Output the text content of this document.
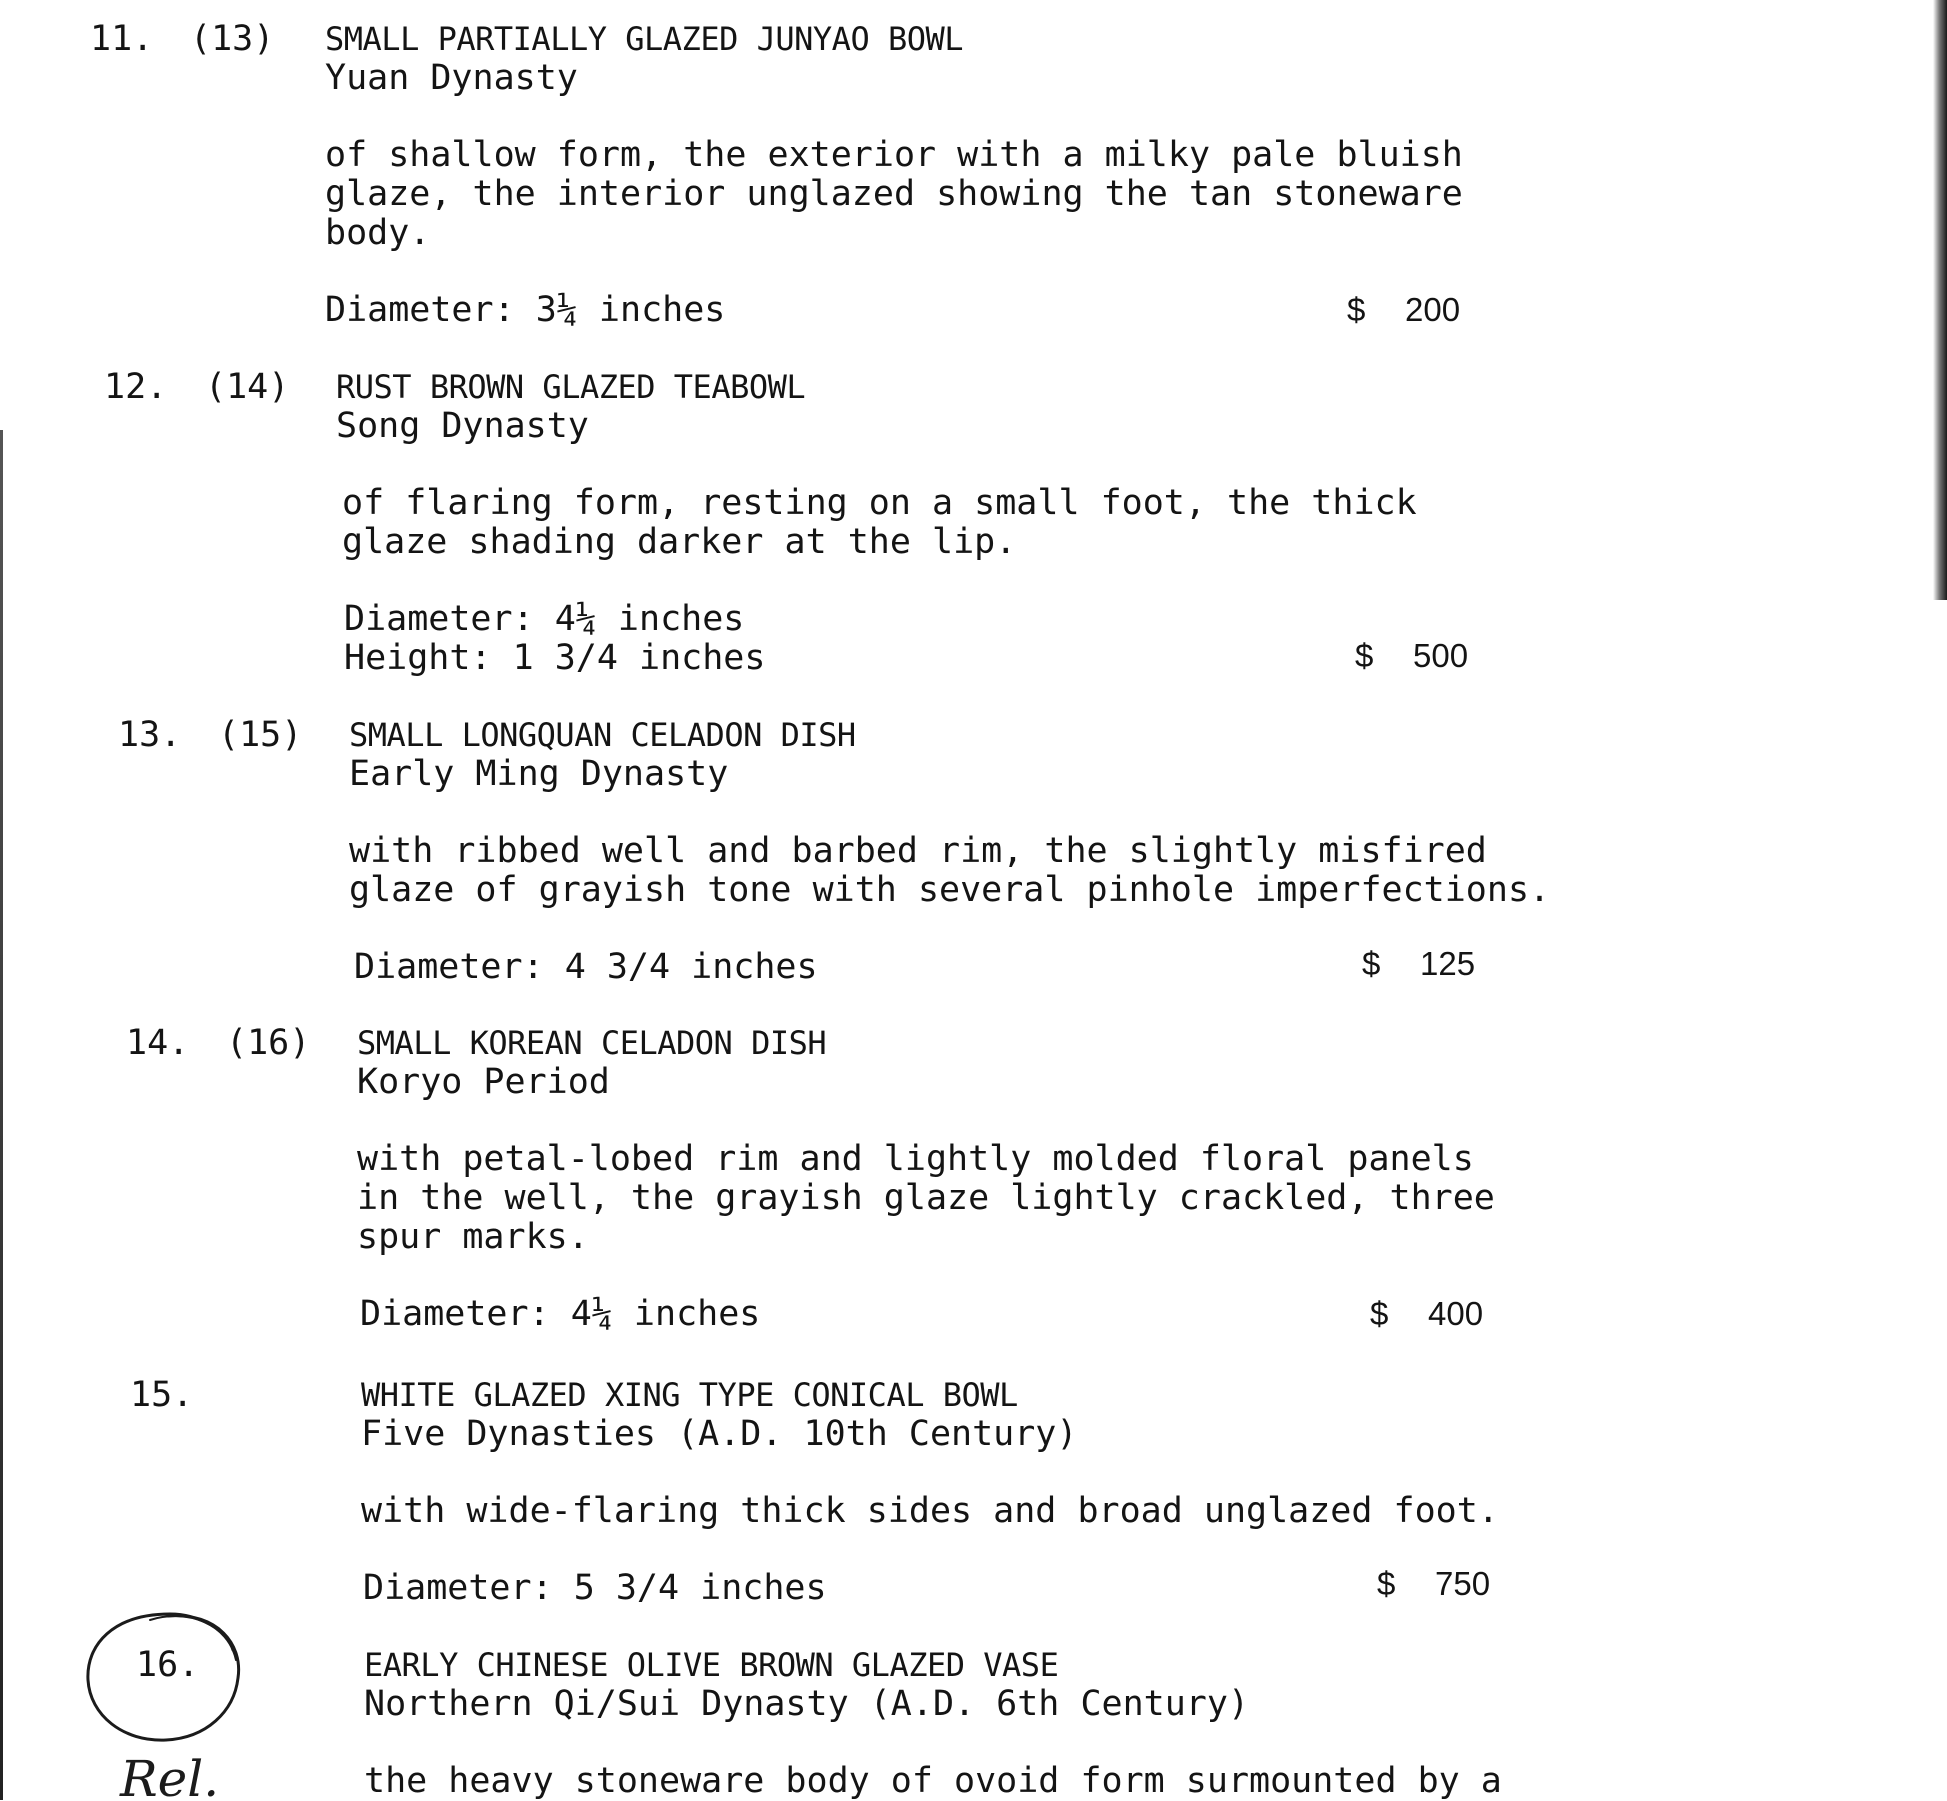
11. (13) SMALL PARTIALLY GLAZED JUNYAO BOWL
Yuan Dynasty
of shallow form, the exterior with a milky pale bluish
glaze, the interior unglazed showing the tan stoneware
body.
Diameter: 3¼ inches	$ 200
12. (14) RUST BROWN GLAZED TEABOWL
Song Dynasty
of flaring form, resting on a small foot, the thick
glaze shading darker at the lip.
Diameter: 4¼ inches
Height: 1 3/4 inches	$ 500
13. (15) SMALL LONGQUAN CELADON DISH
Early Ming Dynasty
with ribbed well and barbed rim, the slightly misfired
glaze of grayish tone with several pinhole imperfections.
Diameter: 4 3/4 inches	$ 125
14. (16) SMALL KOREAN CELADON DISH
Koryo Period
with petal-lobed rim and lightly molded floral panels
in the well, the grayish glaze lightly crackled, three
spur marks.
Diameter: 4¼ inches	$ 400
15.	WHITE GLAZED XING TYPE CONICAL BOWL
Five Dynasties (A.D. 10th Century)
with wide-flaring thick sides and broad unglazed foot.
Diameter: 5 3/4 inches	$ 750
16.	EARLY CHINESE OLIVE BROWN GLAZED VASE
Northern Qi/Sui Dynasty (A.D. 6th Century)
the heavy stoneware body of ovoid form surmounted by a
Rel.
